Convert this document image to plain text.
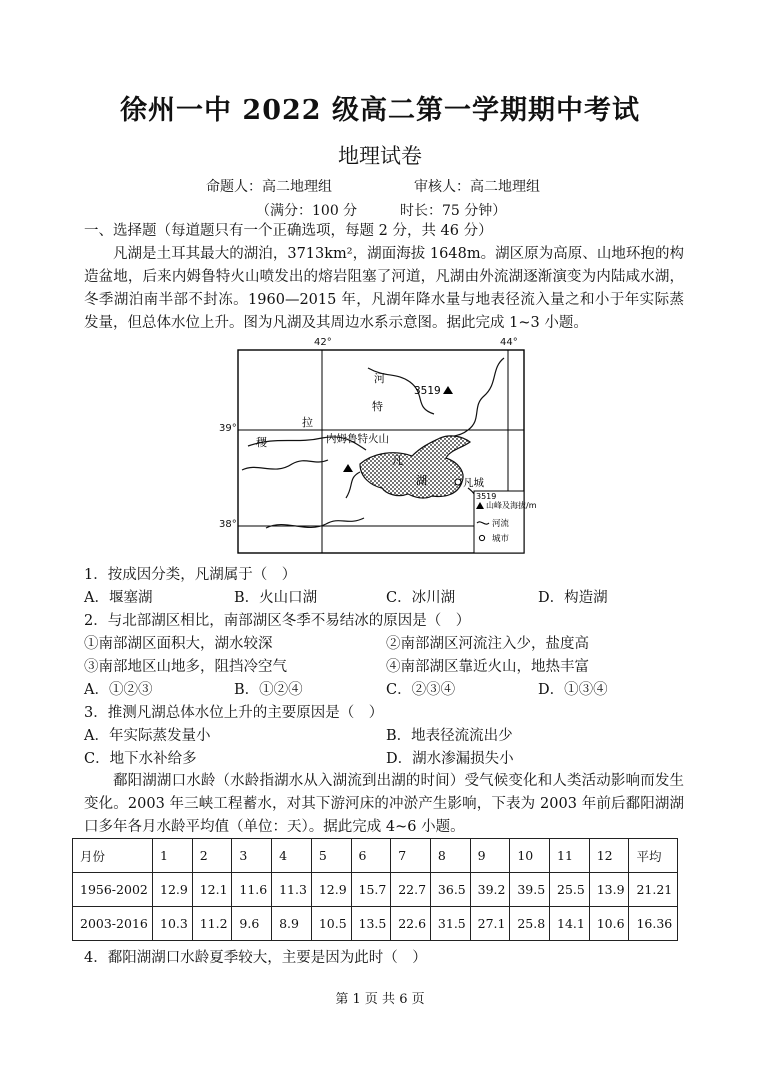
徐州一中 2022 级高二第一学期期中考试
地理试卷
命题人：高二地理组	审核人：高二地理组
（满分：100 分	时长：75 分钟）
一、选择题（每道题只有一个正确选项，每题 2 分，共 46 分）
凡湖是土耳其最大的湖泊，3713km²，湖面海拔 1648m。湖区原为高原、山地环抱的构造盆地，后来内姆鲁特火山喷发出的熔岩阻塞了河道，凡湖由外流湖逐渐演变为内陆咸水湖，冬季湖泊南半部不封冻。1960—2015 年，凡湖年降水量与地表径流入量之和小于年实际蒸发量，但总体水位上升。图为凡湖及其周边水系示意图。据此完成 1~3 小题。
凡
湖	凡城
内姆鲁特火山
3519
河
特
拉
稷
3519
山峰及海拔/m
河流
城市
42°	44°
39°
38°
1．按成因分类，凡湖属于（　）
A．堰塞湖	B．火山口湖	C．冰川湖	D．构造湖
2．与北部湖区相比，南部湖区冬季不易结冰的原因是（　）
①南部湖区面积大，湖水较深	②南部湖区河流注入少，盐度高
③南部地区山地多，阻挡冷空气	④南部湖区靠近火山，地热丰富
A．①②③	B．①②④	C．②③④	D．①③④
3．推测凡湖总体水位上升的主要原因是（　）
A．年实际蒸发量小	B．地表径流流出少
C．地下水补给多	D．湖水渗漏损失小
鄱阳湖湖口水龄（水龄指湖水从入湖流到出湖的时间）受气候变化和人类活动影响而发生变化。2003 年三峡工程蓄水，对其下游河床的冲淤产生影响，下表为 2003 年前后鄱阳湖湖口多年各月水龄平均值（单位：天）。据此完成 4~6 小题。
月份	1	2	3	4	5	6	7	8	9	10	11	12	平均
1956-2002	12.9	12.1	11.6	11.3	12.9	15.7	22.7	36.5	39.2	39.5	25.5	13.9	21.21
2003-2016	10.3	11.2	9.6	8.9	10.5	13.5	22.6	31.5	27.1	25.8	14.1	10.6	16.36
4．鄱阳湖湖口水龄夏季较大，主要是因为此时（　）
第 1 页 共 6 页
